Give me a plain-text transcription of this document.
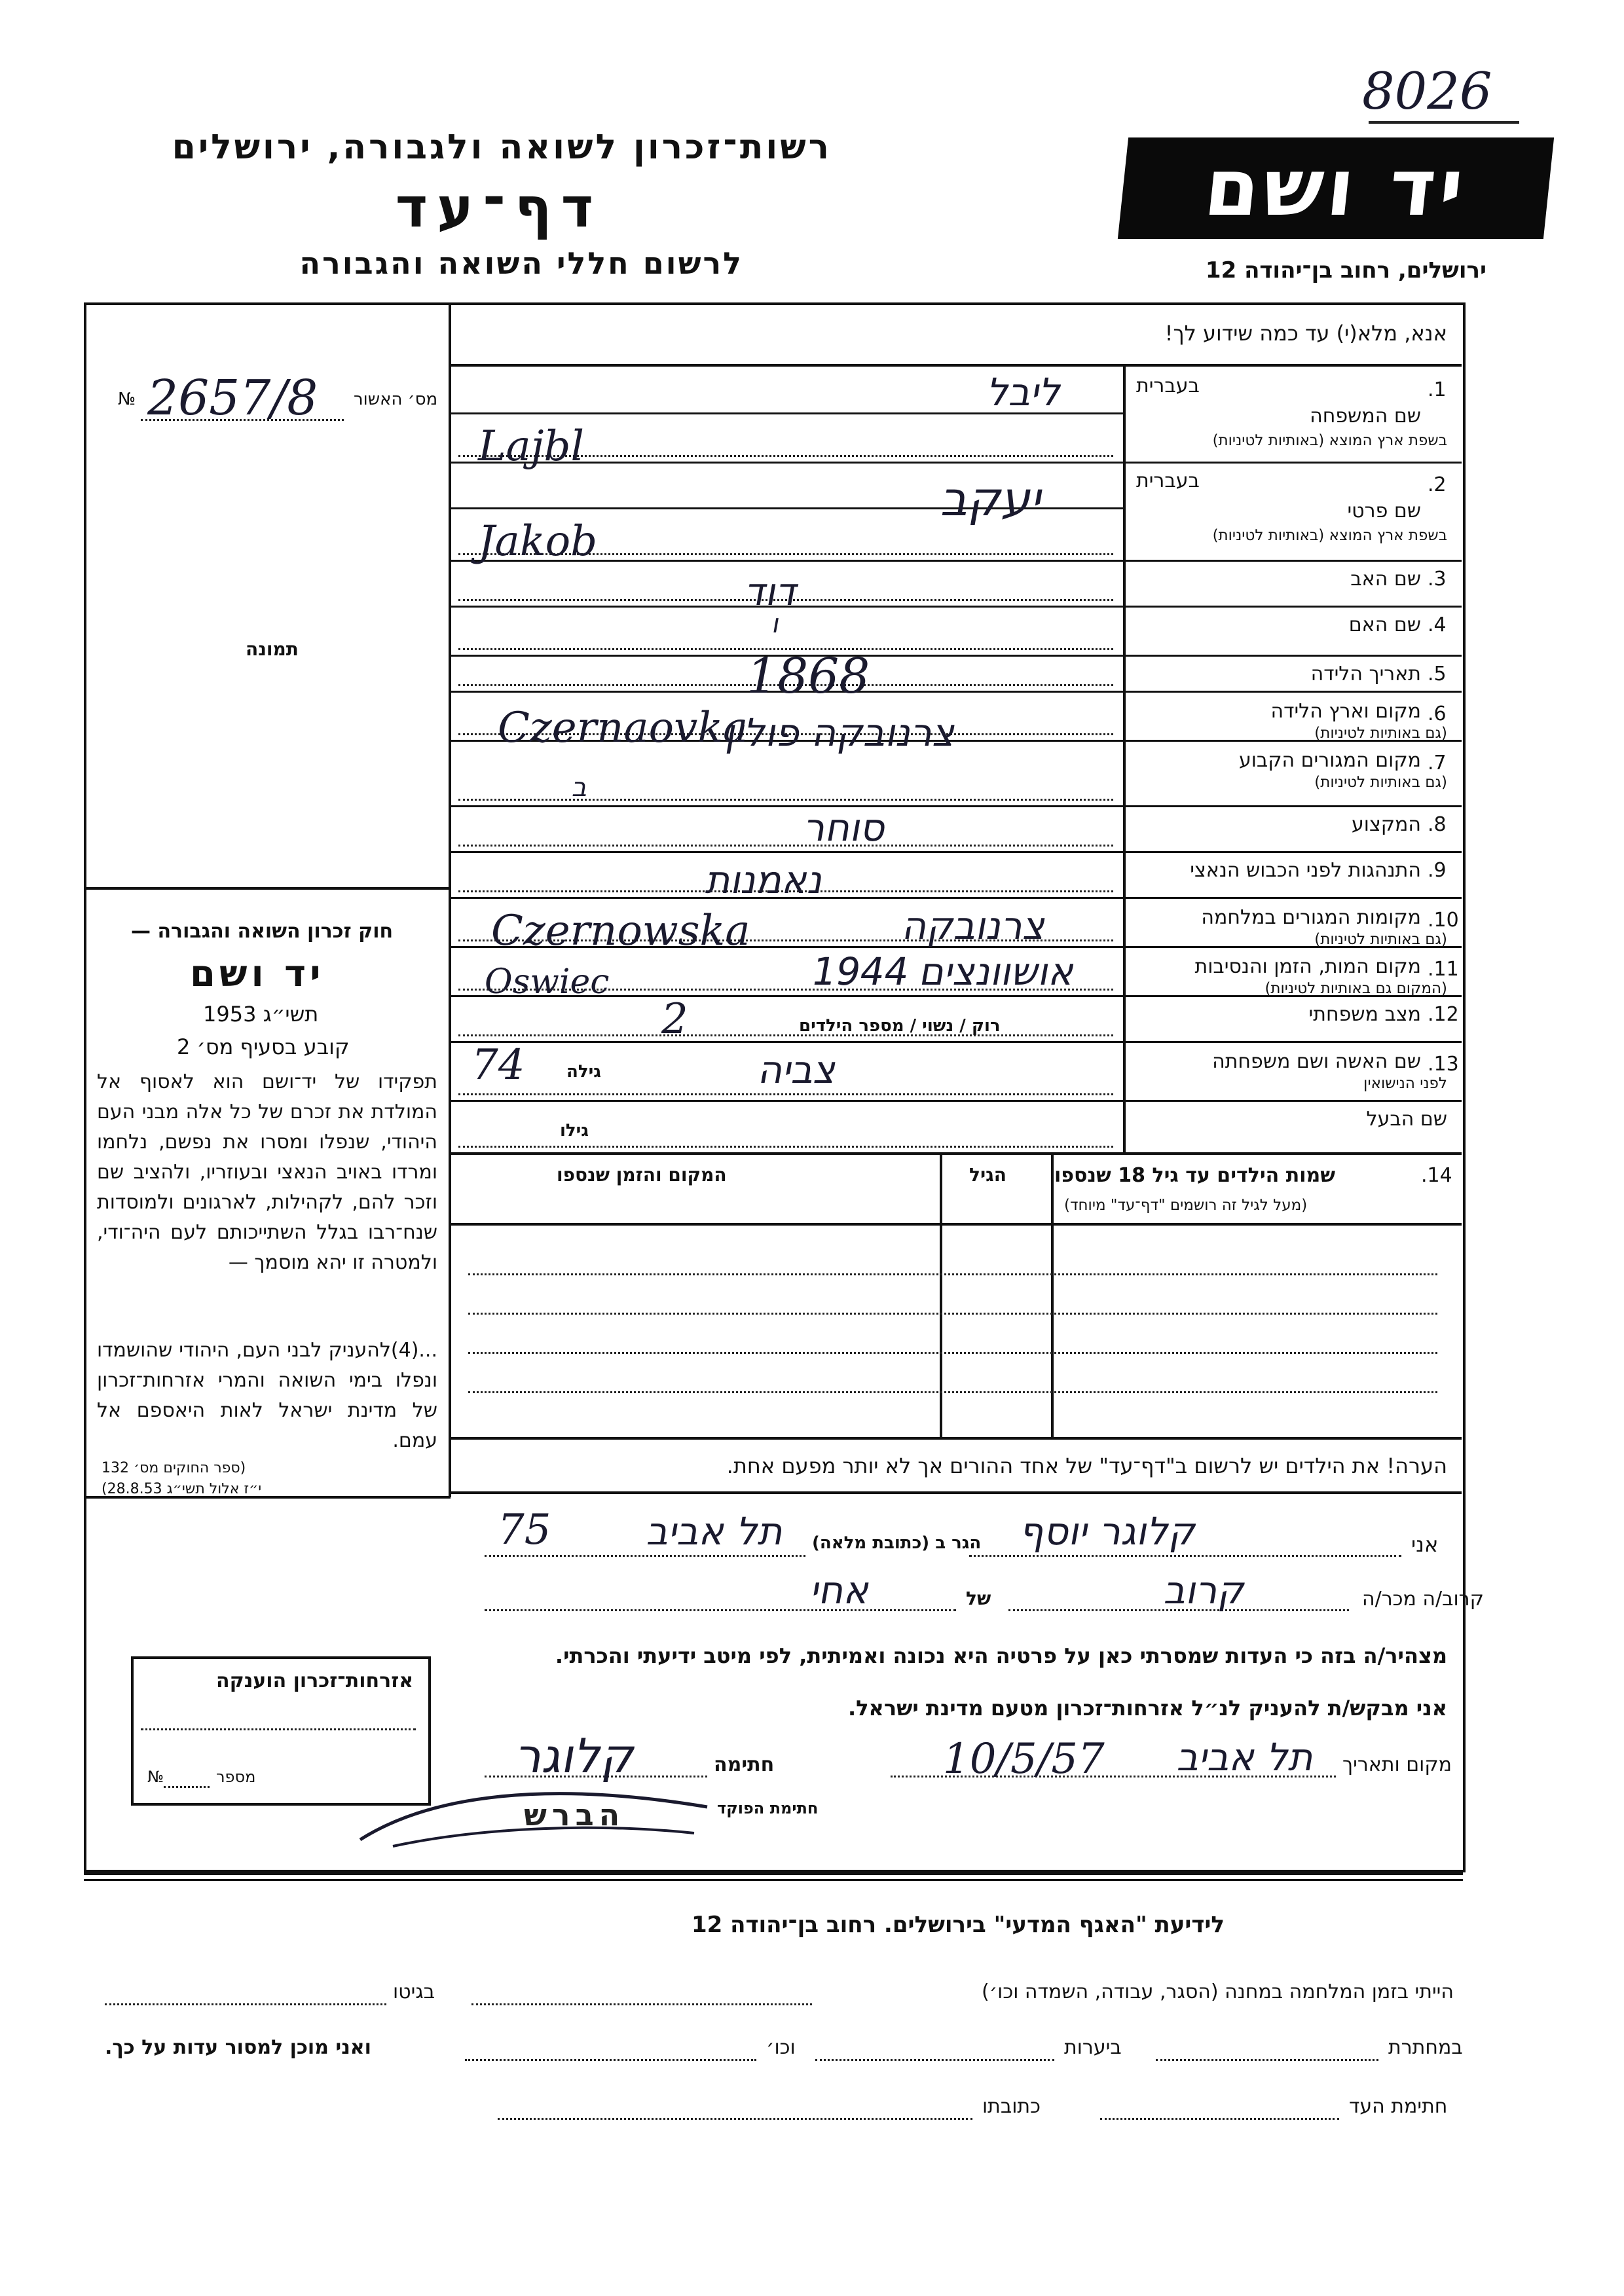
8026
רשות־זכרון לשואה ולגבורה, ירושלים
דף־עד
לרשום חללי השואה והגבורה
יד ושם
ירושלים, רחוב בן־יהודה 12
אנא, מלא(י) עד כמה שידוע לך!
מס׳ האשור
№ 2657/8
תמונה
חוק זכרון השואה והגבורה —
יד ושם
תשי״ג 1953
קובע בסעיף מס׳ 2
תפקידו של יד־ושם הוא לאסוף אל המולדת את זכרם של כל אלה מבני העם היהודי, שנפלו ומסרו את נפשם, נלחמו ומרדו באויב הנאצי ובעוזריו, ולהציב שם וזכר להם, לקהילות, לארגונים ולמוסדות שנח־רבו בגלל השתייכותם לעם היה־ודי, ולמטרה זו יהא מוסמך —
...(4)להעניק לבני העם, היהודי שהושמדו ונפלו בימי השואה והמרי אזרחות־זכרון של מדינת ישראל לאות היאספם אל עמם.
(ספר החוקים מס׳ 132
י״ז אלול תשי״ג 28.8.53)
1.
שם המשפחה
בשפת ארץ המוצא (באותיות לטיניות)
בעברית
2.
שם פרטי
בשפת ארץ המוצא (באותיות לטיניות)
בעברית
3.
שם האב
4.
שם האם
5.
תאריך הלידה
6.
מקום וארץ הלידה
(גם באותיות לטיניות)
7.
מקום המגורים הקבוע
(גם באותיות לטיניות)
8.
המקצוע
9.
התנהגות לפני הכבוש הנאצי
10.
מקומות המגורים במלחמה
(גם באותיות לטיניות)
11.
מקום המות, הזמן והנסיבות
(המקום גם באותיות לטיניות)
12.
מצב משפחתי
13.
שם האשה ושם משפחתה
לפני הנישואין
שם הבעל
רוק / נשוי / מספר הילדים
גילה
גילו
14.
שמות הילדים עד גיל 18 שנספו
(מעל לגיל זה רושמים "דף־עד" מיוחד)
הגיל
המקום והזמן שנספו
הערה! את הילדים יש לרשום ב"דף־עד" של אחד ההורים אך לא יותר מפעם אחת.
אני
הגר ב (כתובת מלאה)
קרוב/ה מכר/ה
של
מצהיר/ה בזה כי העדות שמסרתי כאן על פרטיה היא נכונה ואמיתית, לפי מיטב ידיעתי והכרתי.
אני מבקש/ת להעניק לנ״ל אזרחות־זכרון מטעם מדינת ישראל.
מקום ותאריך
חתימה
חתימת הפוקד
אזרחות־זכרון הוענקה
מספר
№
לידיעת "האגף המדעי" בירושלים. רחוב בן־יהודה 12
הייתי בזמן המלחמה במחנה (הסגר, עבודה, השמדה וכו׳)
בגיטו
במחתרת
ביערות
וכו׳
ואני מוכן למסור עדות על כך.
חתימת העד
כתובתו
ליבל
Lajbl
יעקב
Jakob
דוד
ו
1868
צרנובקה פולין
Czernaovka
ב
סוחר
נאמנות
צרנובקה
Czernowska
אושוונצים 1944
Oswiec
2
צביה
74
קלוגר יוסף
תל אביב
75
קרוב
אחי
תל אביב
10/5/57
קלוגר
הברש
